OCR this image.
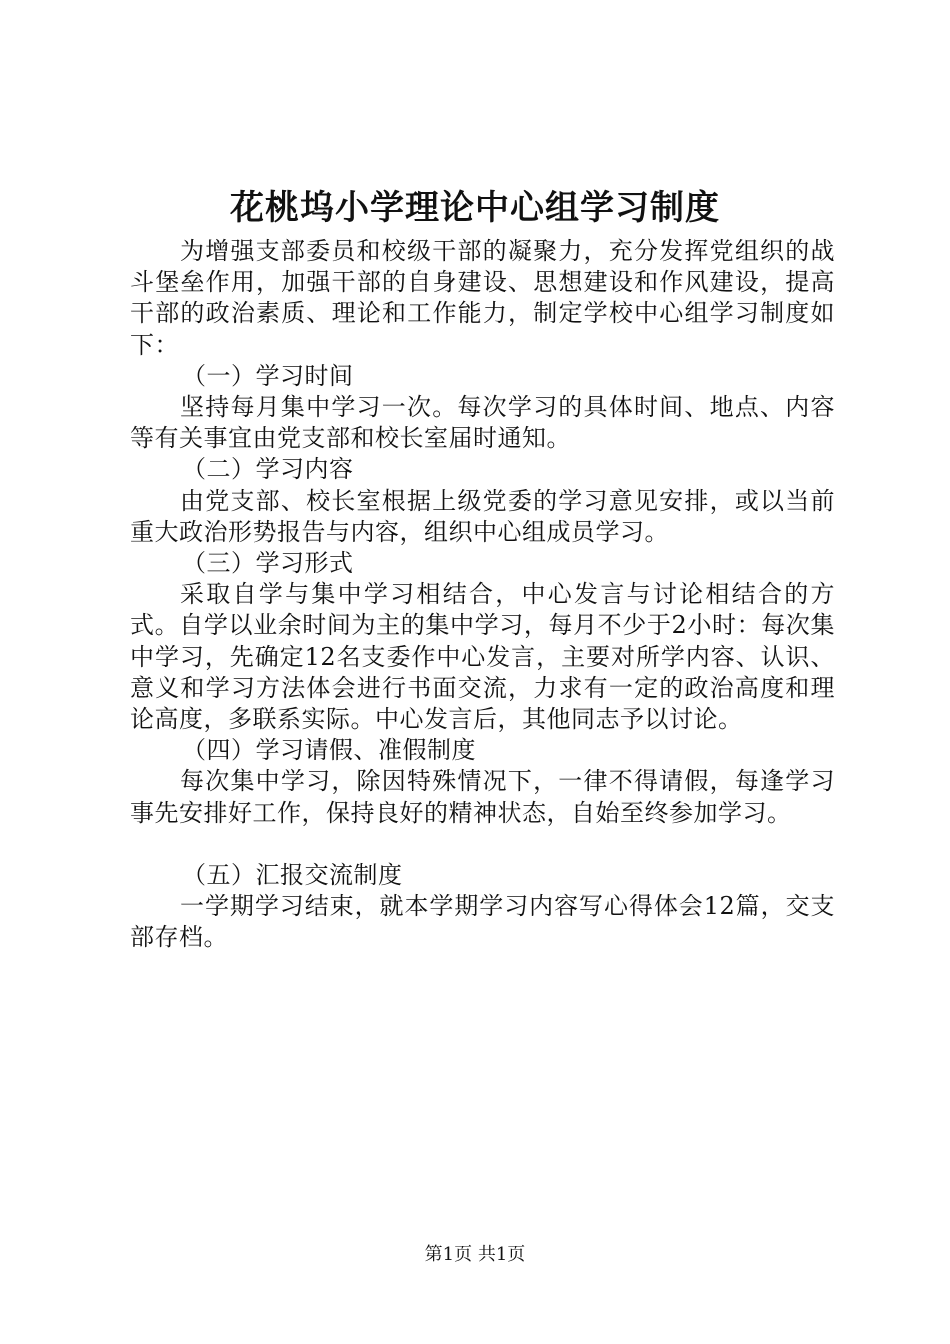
花桃坞小学理论中心组学习制度

为增强支部委员和校级干部的凝聚力，充分发挥党组织的战斗堡垒作用，加强干部的自身建设、思想建设和作风建设，提高干部的政治素质、理论和工作能力，制定学校中心组学习制度如下：

（一）学习时间

坚持每月集中学习一次。每次学习的具体时间、地点、内容等有关事宜由党支部和校长室届时通知。

（二）学习内容

由党支部、校长室根据上级党委的学习意见安排，或以当前重大政治形势报告与内容，组织中心组成员学习。

（三）学习形式

采取自学与集中学习相结合，中心发言与讨论相结合的方式。自学以业余时间为主的集中学习，每月不少于2小时：每次集中学习，先确定12名支委作中心发言，主要对所学内容、认识、意义和学习方法体会进行书面交流，力求有一定的政治高度和理论高度，多联系实际。中心发言后，其他同志予以讨论。

（四）学习请假、准假制度

每次集中学习，除因特殊情况下，一律不得请假，每逢学习事先安排好工作，保持良好的精神状态，自始至终参加学习。

（五）汇报交流制度

一学期学习结束，就本学期学习内容写心得体会12篇，交支部存档。

第1页 共1页
